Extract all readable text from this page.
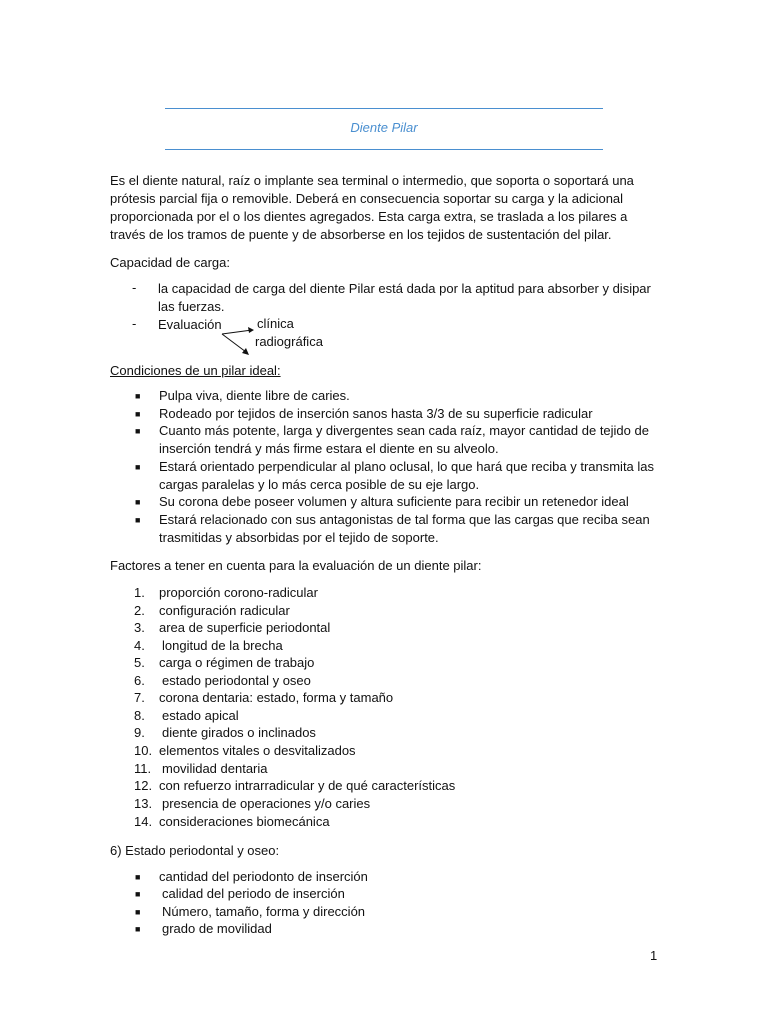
Diente Pilar

Es el diente natural, raíz o implante sea terminal o intermedio, que soporta o soportará una prótesis parcial fija o removible. Deberá en consecuencia soportar su carga y la adicional proporcionada por el o los dientes agregados. Esta carga extra, se traslada a los pilares a través de los tramos de puente y de absorberse en los tejidos de sustentación del pilar.

Capacidad de carga:

- la capacidad de carga del diente Pilar está dada por la aptitud para absorber y disipar las fuerzas.
- Evaluación	clínica
radiográfica

Condiciones de un pilar ideal:

■ Pulpa viva, diente libre de caries.
■ Rodeado por tejidos de inserción sanos hasta 3/3 de su superficie radicular
■ Cuanto más potente, larga y divergentes sean cada raíz, mayor cantidad de tejido de inserción tendrá y más firme estara el diente en su alveolo.
■ Estará orientado perpendicular al plano oclusal, lo que hará que reciba y transmita las cargas paralelas y lo más cerca posible de su eje largo.
■ Su corona debe poseer volumen y altura suficiente para recibir un retenedor ideal
■ Estará relacionado con sus antagonistas de tal forma que las cargas que reciba sean trasmitidas y absorbidas por el tejido de soporte.

Factores a tener en cuenta para la evaluación de un diente pilar:

1. proporción corono-radicular
2. configuración radicular
3. area de superficie periodontal
4. longitud de la brecha
5. carga o régimen de trabajo
6. estado periodontal y oseo
7. corona dentaria: estado, forma y tamaño
8. estado apical
9. diente girados o inclinados
10. elementos vitales o desvitalizados
11. movilidad dentaria
12. con refuerzo intrarradicular y de qué características
13. presencia de operaciones y/o caries
14. consideraciones biomecánica

6) Estado periodontal y oseo:

■ cantidad del periodonto de inserción
■ calidad del periodo de inserción
■ Número, tamaño, forma y dirección
■ grado de movilidad
1
